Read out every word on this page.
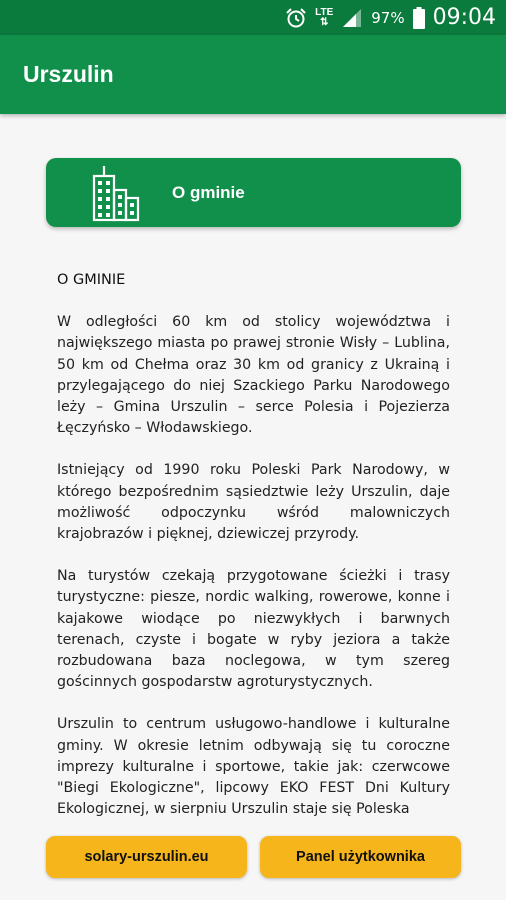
LTE
⇅	97% 09:04
Urszulin
O gminie
O GMINIE

W odległości 60 km od stolicy województwa i największego miasta po prawej stronie Wisły – Lublina, 50 km od Chełma oraz 30 km od granicy z Ukrainą i przylegającego do niej Szackiego Parku Narodowego leży – Gmina Urszulin – serce Polesia i Pojezierza Łęczyńsko – Włodawskiego.

Istniejący od 1990 roku Poleski Park Narodowy, w którego bezpośrednim sąsiedztwie leży Urszulin, daje możliwość odpoczynku wśród malowniczych krajobrazów i pięknej, dziewiczej przyrody.

Na turystów czekają przygotowane ścieżki i trasy turystyczne: piesze, nordic walking, rowerowe, konne i kajakowe wiodące po niezwykłych i barwnych terenach, czyste i bogate w ryby jeziora a także rozbudowana baza noclegowa, w tym szereg gościnnych gospodarstw agroturystycznych.

Urszulin to centrum usługowo-handlowe i kulturalne gminy. W okresie letnim odbywają się tu coroczne imprezy kulturalne i sportowe, takie jak: czerwcowe "Biegi Ekologiczne", lipcowy EKO FEST Dni Kultury Ekologicznej, w sierpniu Urszulin staje się Poleska

solary-urszulin.eu	Panel użytkownika
